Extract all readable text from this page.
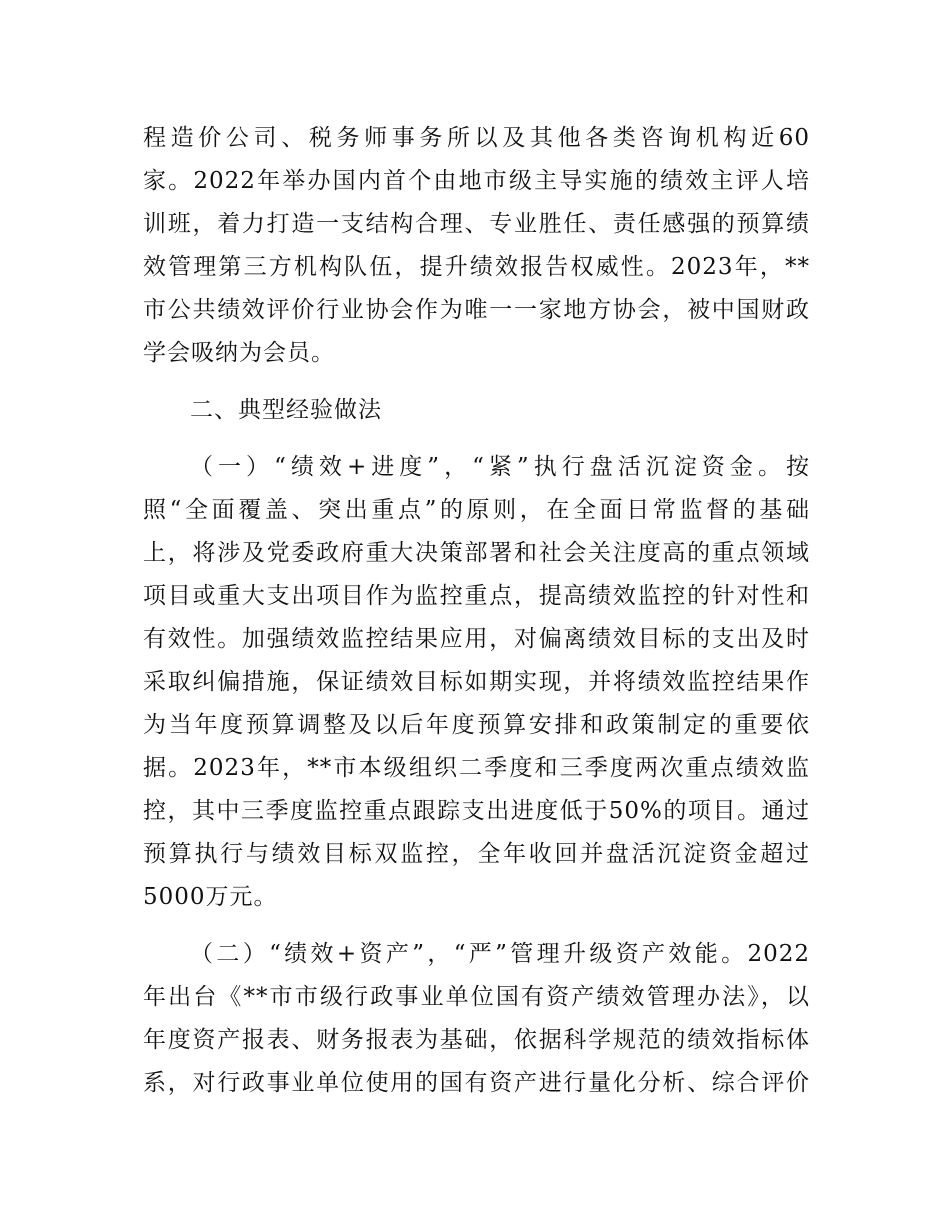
程造价公司、税务师事务所以及其他各类咨询机构近60
家。2022年举办国内首个由地市级主导实施的绩效主评人培
训班，着力打造一支结构合理、专业胜任、责任感强的预算绩
效管理第三方机构队伍，提升绩效报告权威性。2023年，**
市公共绩效评价行业协会作为唯一一家地方协会，被中国财政
学会吸纳为会员。
二、典型经验做法
（一）“绩效+进度”，“紧”执行盘活沉淀资金。按
照“全面覆盖、突出重点”的原则，在全面日常监督的基础
上，将涉及党委政府重大决策部署和社会关注度高的重点领域
项目或重大支出项目作为监控重点，提高绩效监控的针对性和
有效性。加强绩效监控结果应用，对偏离绩效目标的支出及时
采取纠偏措施，保证绩效目标如期实现，并将绩效监控结果作
为当年度预算调整及以后年度预算安排和政策制定的重要依
据。2023年，**市本级组织二季度和三季度两次重点绩效监
控，其中三季度监控重点跟踪支出进度低于50%的项目。通过
预算执行与绩效目标双监控，全年收回并盘活沉淀资金超过
5000万元。
（二）“绩效+资产”，“严”管理升级资产效能。2022
年出台《**市市级行政事业单位国有资产绩效管理办法》，以
年度资产报表、财务报表为基础，依据科学规范的绩效指标体
系，对行政事业单位使用的国有资产进行量化分析、综合评价
